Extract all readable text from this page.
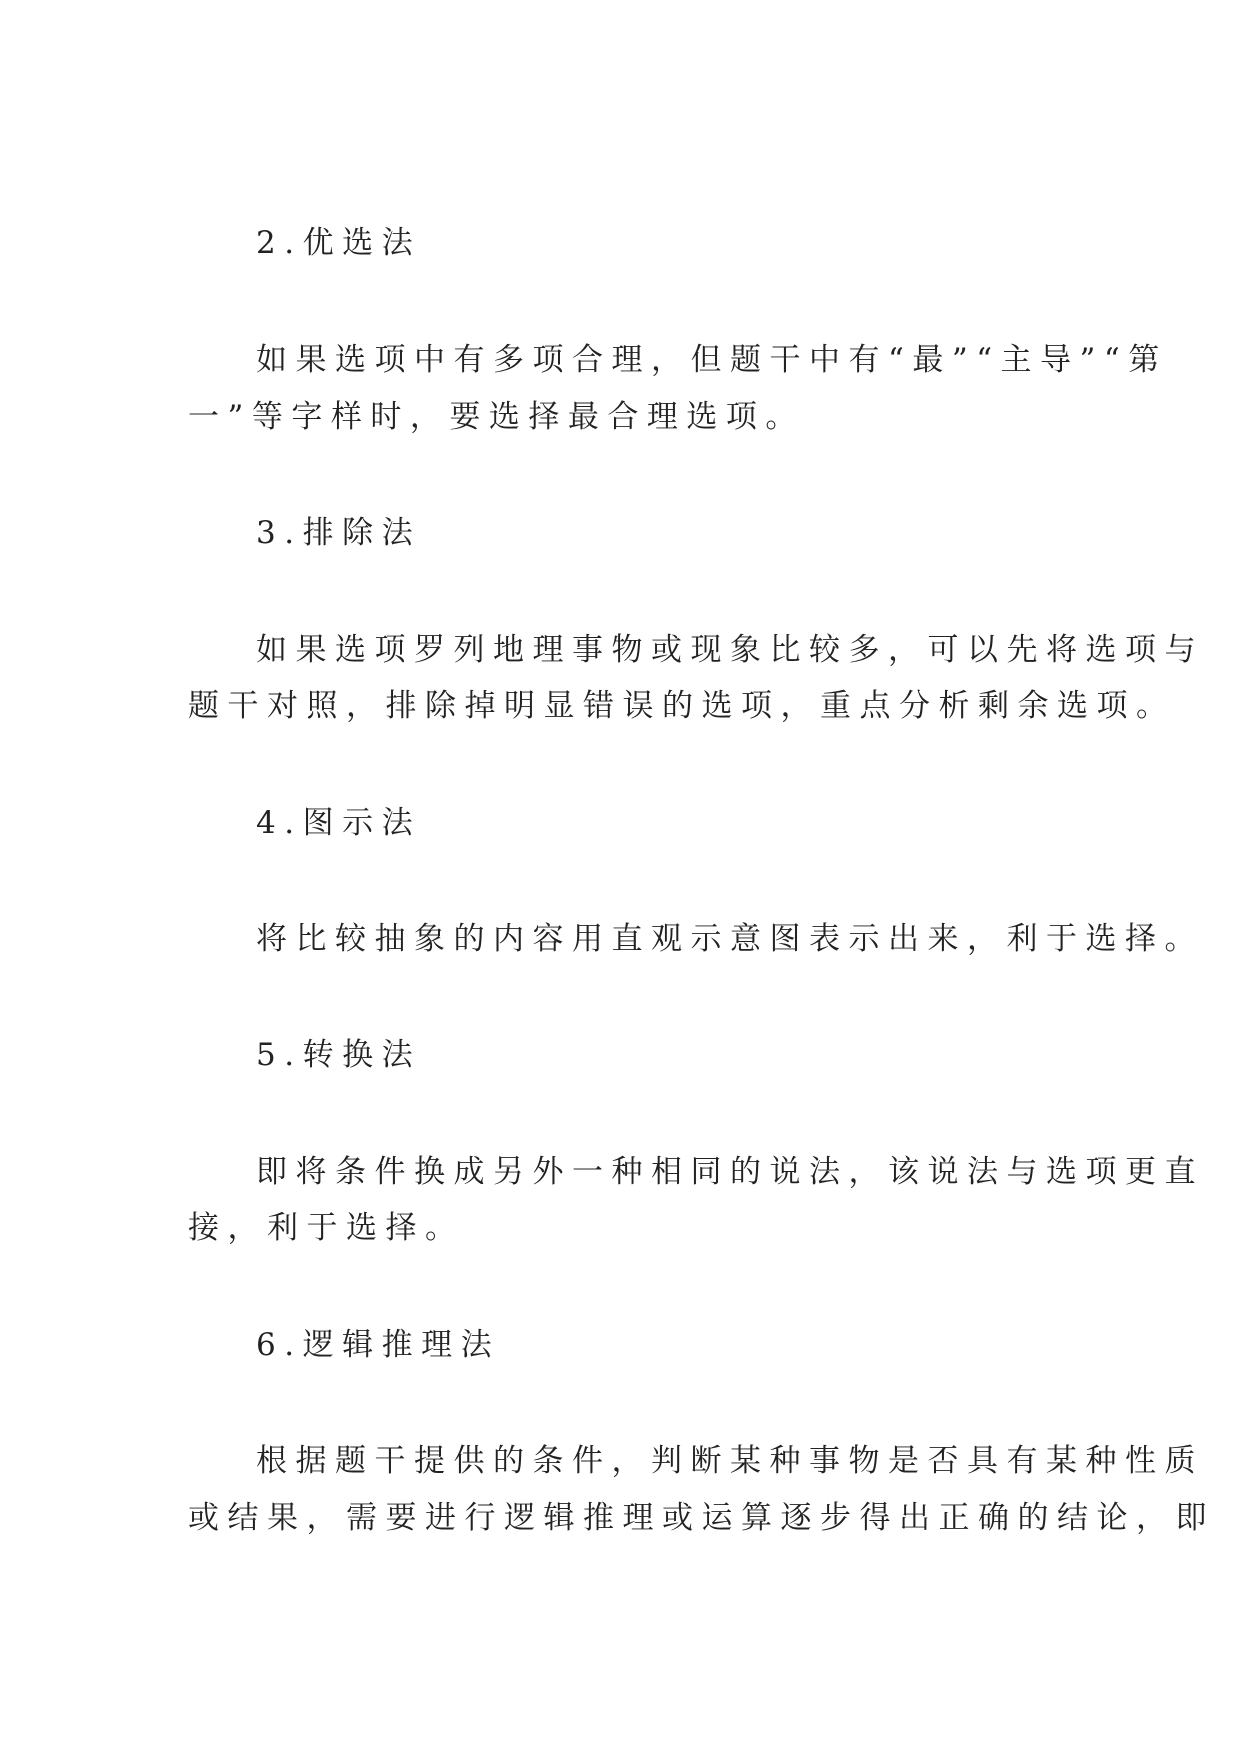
2.优选法
如果选项中有多项合理，但题干中有“最”“主导”“第
一”等字样时，要选择最合理选项。
3.排除法
如果选项罗列地理事物或现象比较多，可以先将选项与
题干对照，排除掉明显错误的选项，重点分析剩余选项。
4.图示法
将比较抽象的内容用直观示意图表示出来，利于选择。
5.转换法
即将条件换成另外一种相同的说法，该说法与选项更直
接，利于选择。
6.逻辑推理法
根据题干提供的条件，判断某种事物是否具有某种性质
或结果，需要进行逻辑推理或运算逐步得出正确的结论，即
